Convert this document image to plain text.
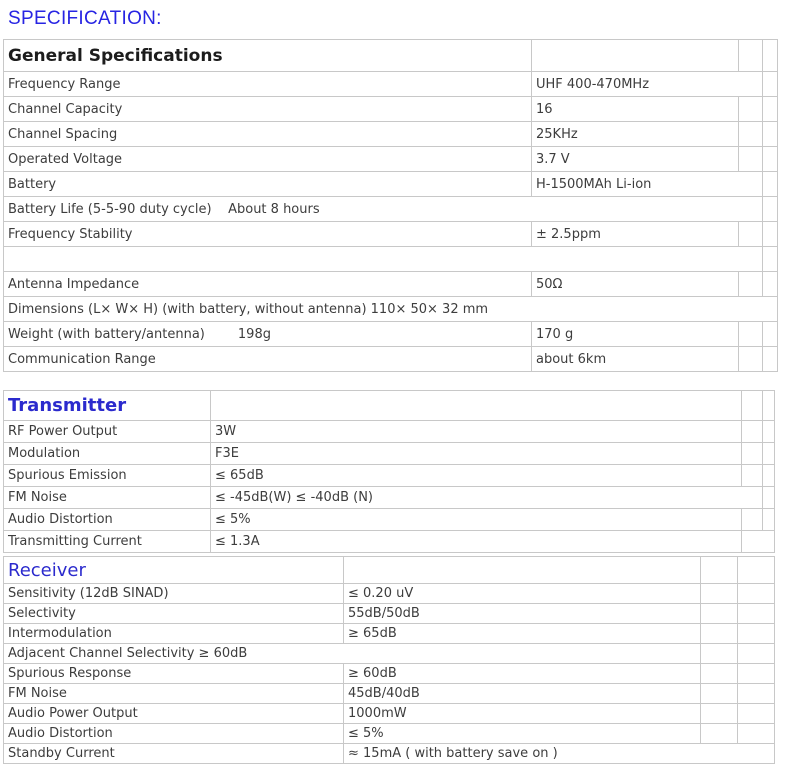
SPECIFICATION:
General Specifications			
Frequency Range	UHF 400-470MHz		
Channel Capacity	16		
Channel Spacing	25KHz		
Operated Voltage	3.7 V		
Battery	H-1500MAh Li-ion		
Battery Life (5-5-90 duty cycle)    About 8 hours			
Frequency Stability	± 2.5ppm		

Antenna Impedance	50Ω		
Dimensions (L× W× H) (with battery, without antenna) 110× 50× 32 mm			
Weight (with battery/antenna)        198g	170 g		
Communication Range	about 6km		
Transmitter			
RF Power Output	3W		
Modulation	F3E		
Spurious Emission	≤ 65dB		
FM Noise	≤ -45dB(W) ≤ -40dB (N)		
Audio Distortion	≤ 5%		
Transmitting Current	≤ 1.3A		
Receiver			
Sensitivity (12dB SINAD)	≤ 0.20 uV		
Selectivity	55dB/50dB		
Intermodulation	≥ 65dB		
Adjacent Channel Selectivity ≥ 60dB			
Spurious Response	≥ 60dB		
FM Noise	45dB/40dB		
Audio Power Output	1000mW		
Audio Distortion	≤ 5%		
Standby Current	≈ 15mA ( with battery save on )		
